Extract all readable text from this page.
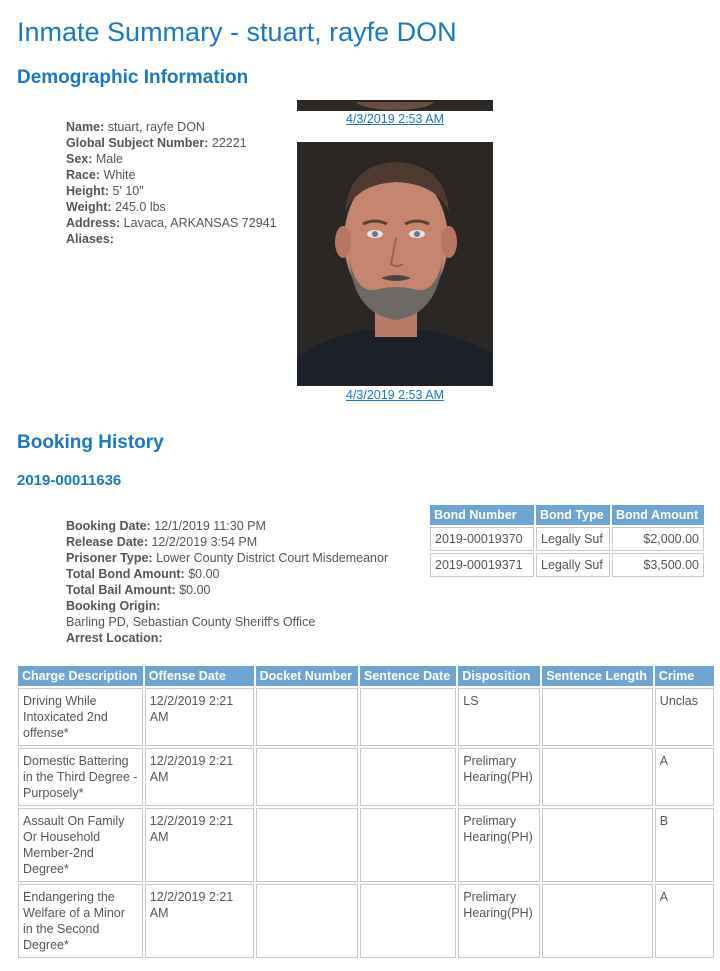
Inmate Summary - stuart, rayfe DON
Demographic Information
Name: stuart, rayfe DON
Global Subject Number: 22221
Sex: Male
Race: White
Height: 5' 10"
Weight: 245.0 lbs
Address: Lavaca, ARKANSAS 72941
Aliases:
4/3/2019 2:53 AM
4/3/2019 2:53 AM
Booking History
2019-00011636
Booking Date: 12/1/2019 11:30 PM
Release Date: 12/2/2019 3:54 PM
Prisoner Type: Lower County District Court Misdemeanor
Total Bond Amount: $0.00
Total Bail Amount: $0.00
Booking Origin:
Barling PD, Sebastian County Sheriff's Office
Arrest Location:
Bond Number	Bond Type	Bond Amount
2019-00019370	Legally Suf	$2,000.00
2019-00019371	Legally Suf	$3,500.00
Charge Description	Offense Date	Docket Number	Sentence Date	Disposition	Sentence Length	Crime
Driving While Intoxicated 2nd offense*	12/2/2019 2:21 AM			LS		Unclas
Domestic Battering in the Third Degree - Purposely*	12/2/2019 2:21 AM			Prelimary Hearing(PH)		A
Assault On Family Or Household Member-2nd Degree*	12/2/2019 2:21 AM			Prelimary Hearing(PH)		B
Endangering the Welfare of a Minor in the Second Degree*	12/2/2019 2:21 AM			Prelimary Hearing(PH)		A
